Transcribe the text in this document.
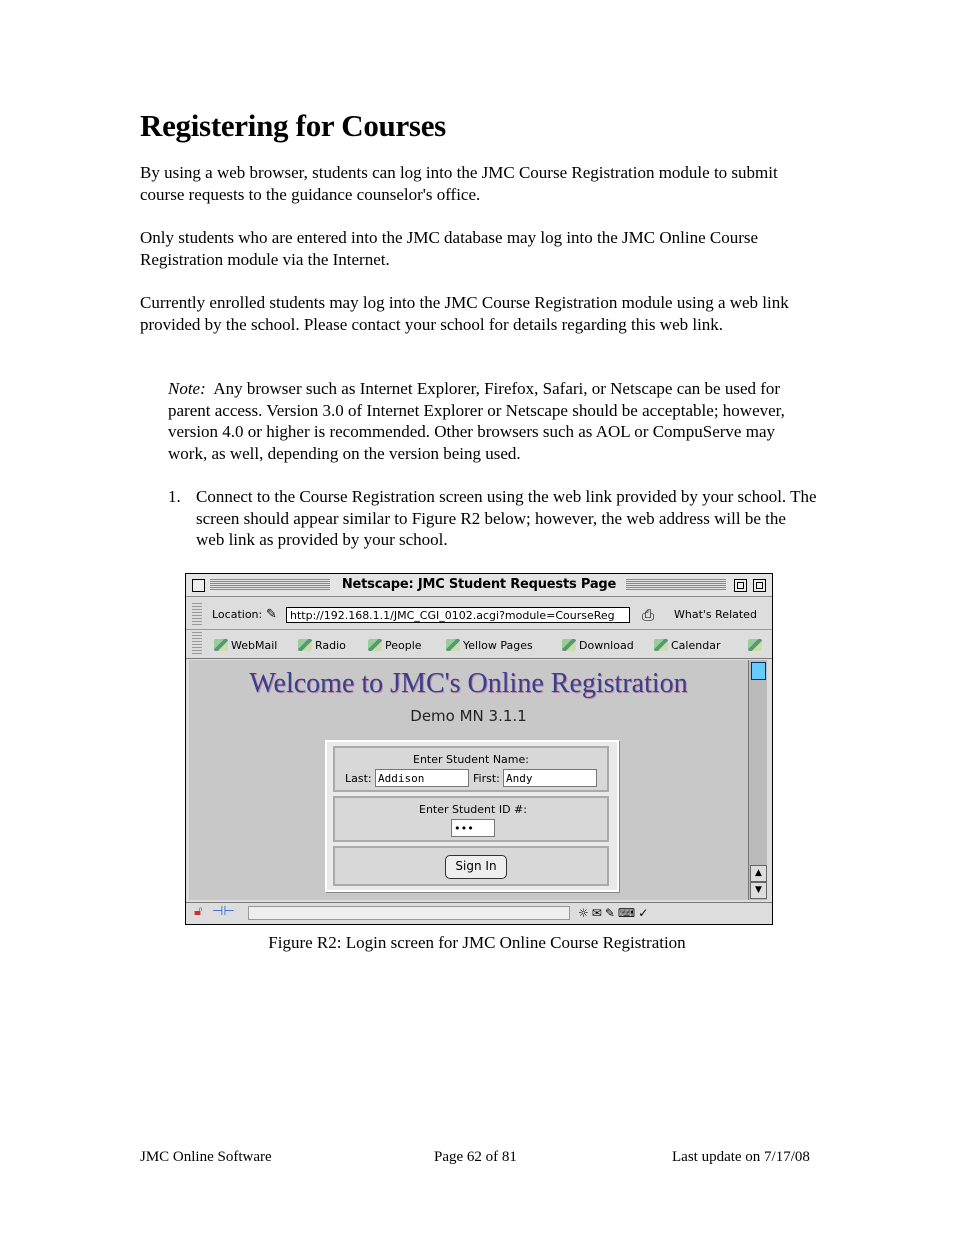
Registering for Courses

By using a web browser, students can log into the JMC Course Registration module to submit course requests to the guidance counselor's office.

Only students who are entered into the JMC database may log into the JMC Online Course Registration module via the Internet.

Currently enrolled students may log into the JMC Course Registration module using a web link provided by the school. Please contact your school for details regarding this web link.

Note: Any browser such as Internet Explorer, Firefox, Safari, or Netscape can be used for parent access. Version 3.0 of Internet Explorer or Netscape should be acceptable; however, version 4.0 or higher is recommended. Other browsers such as AOL or CompuServe may work, as well, depending on the version being used.

1. Connect to the Course Registration screen using the web link provided by your school. The screen should appear similar to Figure R2 below; however, the web address will be the web link as provided by your school.
Netscape: JMC Student Requests Page
Location: ✎	http://192.168.1.1/JMC_CGI_0102.acgi?module=CourseReg	⎙ What's Related
WebMail	Radio	People	Yellow Pages	Download	Calendar
Welcome to JMC's Online Registration
Demo MN 3.1.1
Enter Student Name:
Last: Addison	First: Andy
Enter Student ID #:
•••
Sign In	▲
▼
🔓︎ ⊣⊢	☼✉✎⌨✓
Figure R2: Login screen for JMC Online Course Registration
JMC Online Software	Page 62 of 81	Last update on 7/17/08
